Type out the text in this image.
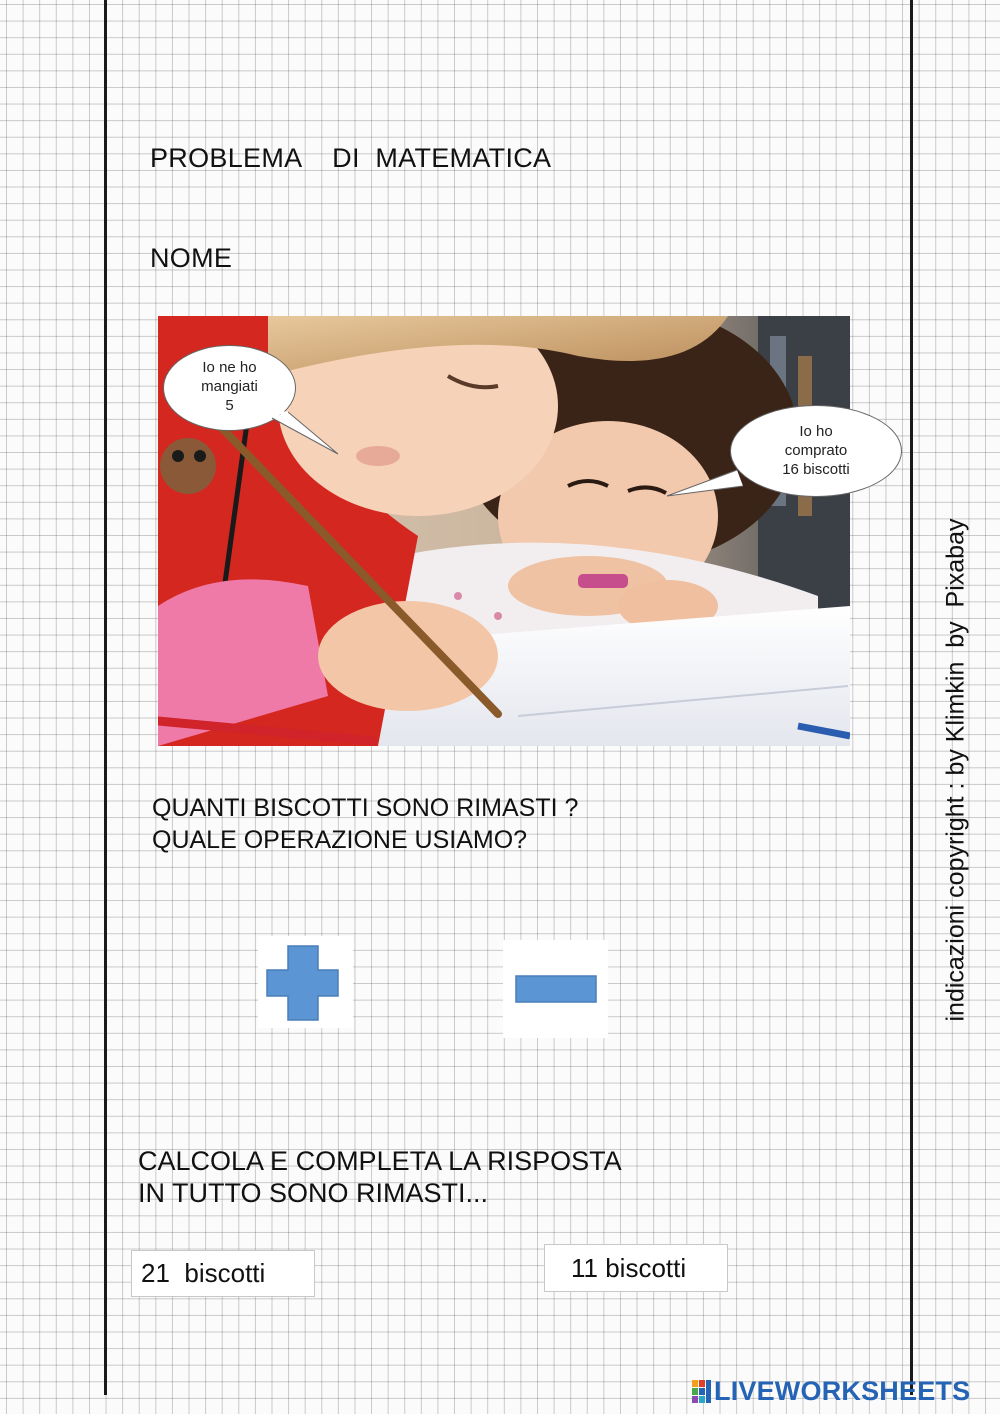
PROBLEMA    DI  MATEMATICA
NOME
Io ne ho
mangiati
5
Io ho
comprato
16 biscotti
QUANTI BISCOTTI SONO RIMASTI ?
QUALE OPERAZIONE USIAMO?
CALCOLA E COMPLETA LA RISPOSTA
IN TUTTO SONO RIMASTI...
21  biscotti	11 biscotti
indicazioni copyright : by Klimkin  by  Pixabay
LIVEWORKSHEETS
